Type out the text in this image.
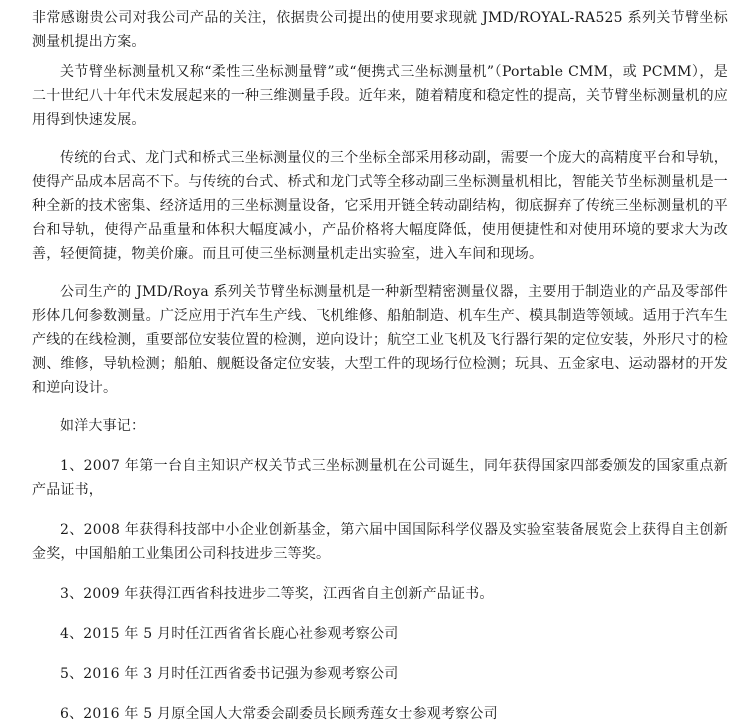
非常感谢贵公司对我公司产品的关注，依据贵公司提出的使用要求现就 JMD/ROYAL-RA525 系列关节臂坐标测量机提出方案。

关节臂坐标测量机又称“柔性三坐标测量臂”或“便携式三坐标测量机”（Portable CMM，或 PCMM），是二十世纪八十年代末发展起来的一种三维测量手段。近年来，随着精度和稳定性的提高，关节臂坐标测量机的应用得到快速发展。

传统的台式、龙门式和桥式三坐标测量仪的三个坐标全部采用移动副，需要一个庞大的高精度平台和导轨，使得产品成本居高不下。与传统的台式、桥式和龙门式等全移动副三坐标测量机相比，智能关节坐标测量机是一种全新的技术密集、经济适用的三坐标测量设备，它采用开链全转动副结构，彻底摒弃了传统三坐标测量机的平台和导轨，使得产品重量和体积大幅度减小，产品价格将大幅度降低，使用便捷性和对使用环境的要求大为改善，轻便简捷，物美价廉。而且可使三坐标测量机走出实验室，进入车间和现场。

公司生产的 JMD/Roya 系列关节臂坐标测量机是一种新型精密测量仪器，主要用于制造业的产品及零部件形体几何参数测量。广泛应用于汽车生产线、飞机维修、船舶制造、机车生产、模具制造等领域。适用于汽车生产线的在线检测，重要部位安装位置的检测，逆向设计；航空工业飞机及飞行器行架的定位安装，外形尺寸的检测、维修，导轨检测；船舶、舰艇设备定位安装，大型工件的现场行位检测；玩具、五金家电、运动器材的开发和逆向设计。

如洋大事记：

1、2007 年第一台自主知识产权关节式三坐标测量机在公司诞生，同年获得国家四部委颁发的国家重点新产品证书，

2、2008 年获得科技部中小企业创新基金，第六届中国国际科学仪器及实验室装备展览会上获得自主创新金奖，中国船舶工业集团公司科技进步三等奖。

3、2009 年获得江西省科技进步二等奖，江西省自主创新产品证书。

4、2015 年 5 月时任江西省省长鹿心社参观考察公司

5、2016 年 3 月时任江西省委书记强为参观考察公司

6、2016 年 5 月原全国人大常委会副委员长顾秀莲女士参观考察公司
